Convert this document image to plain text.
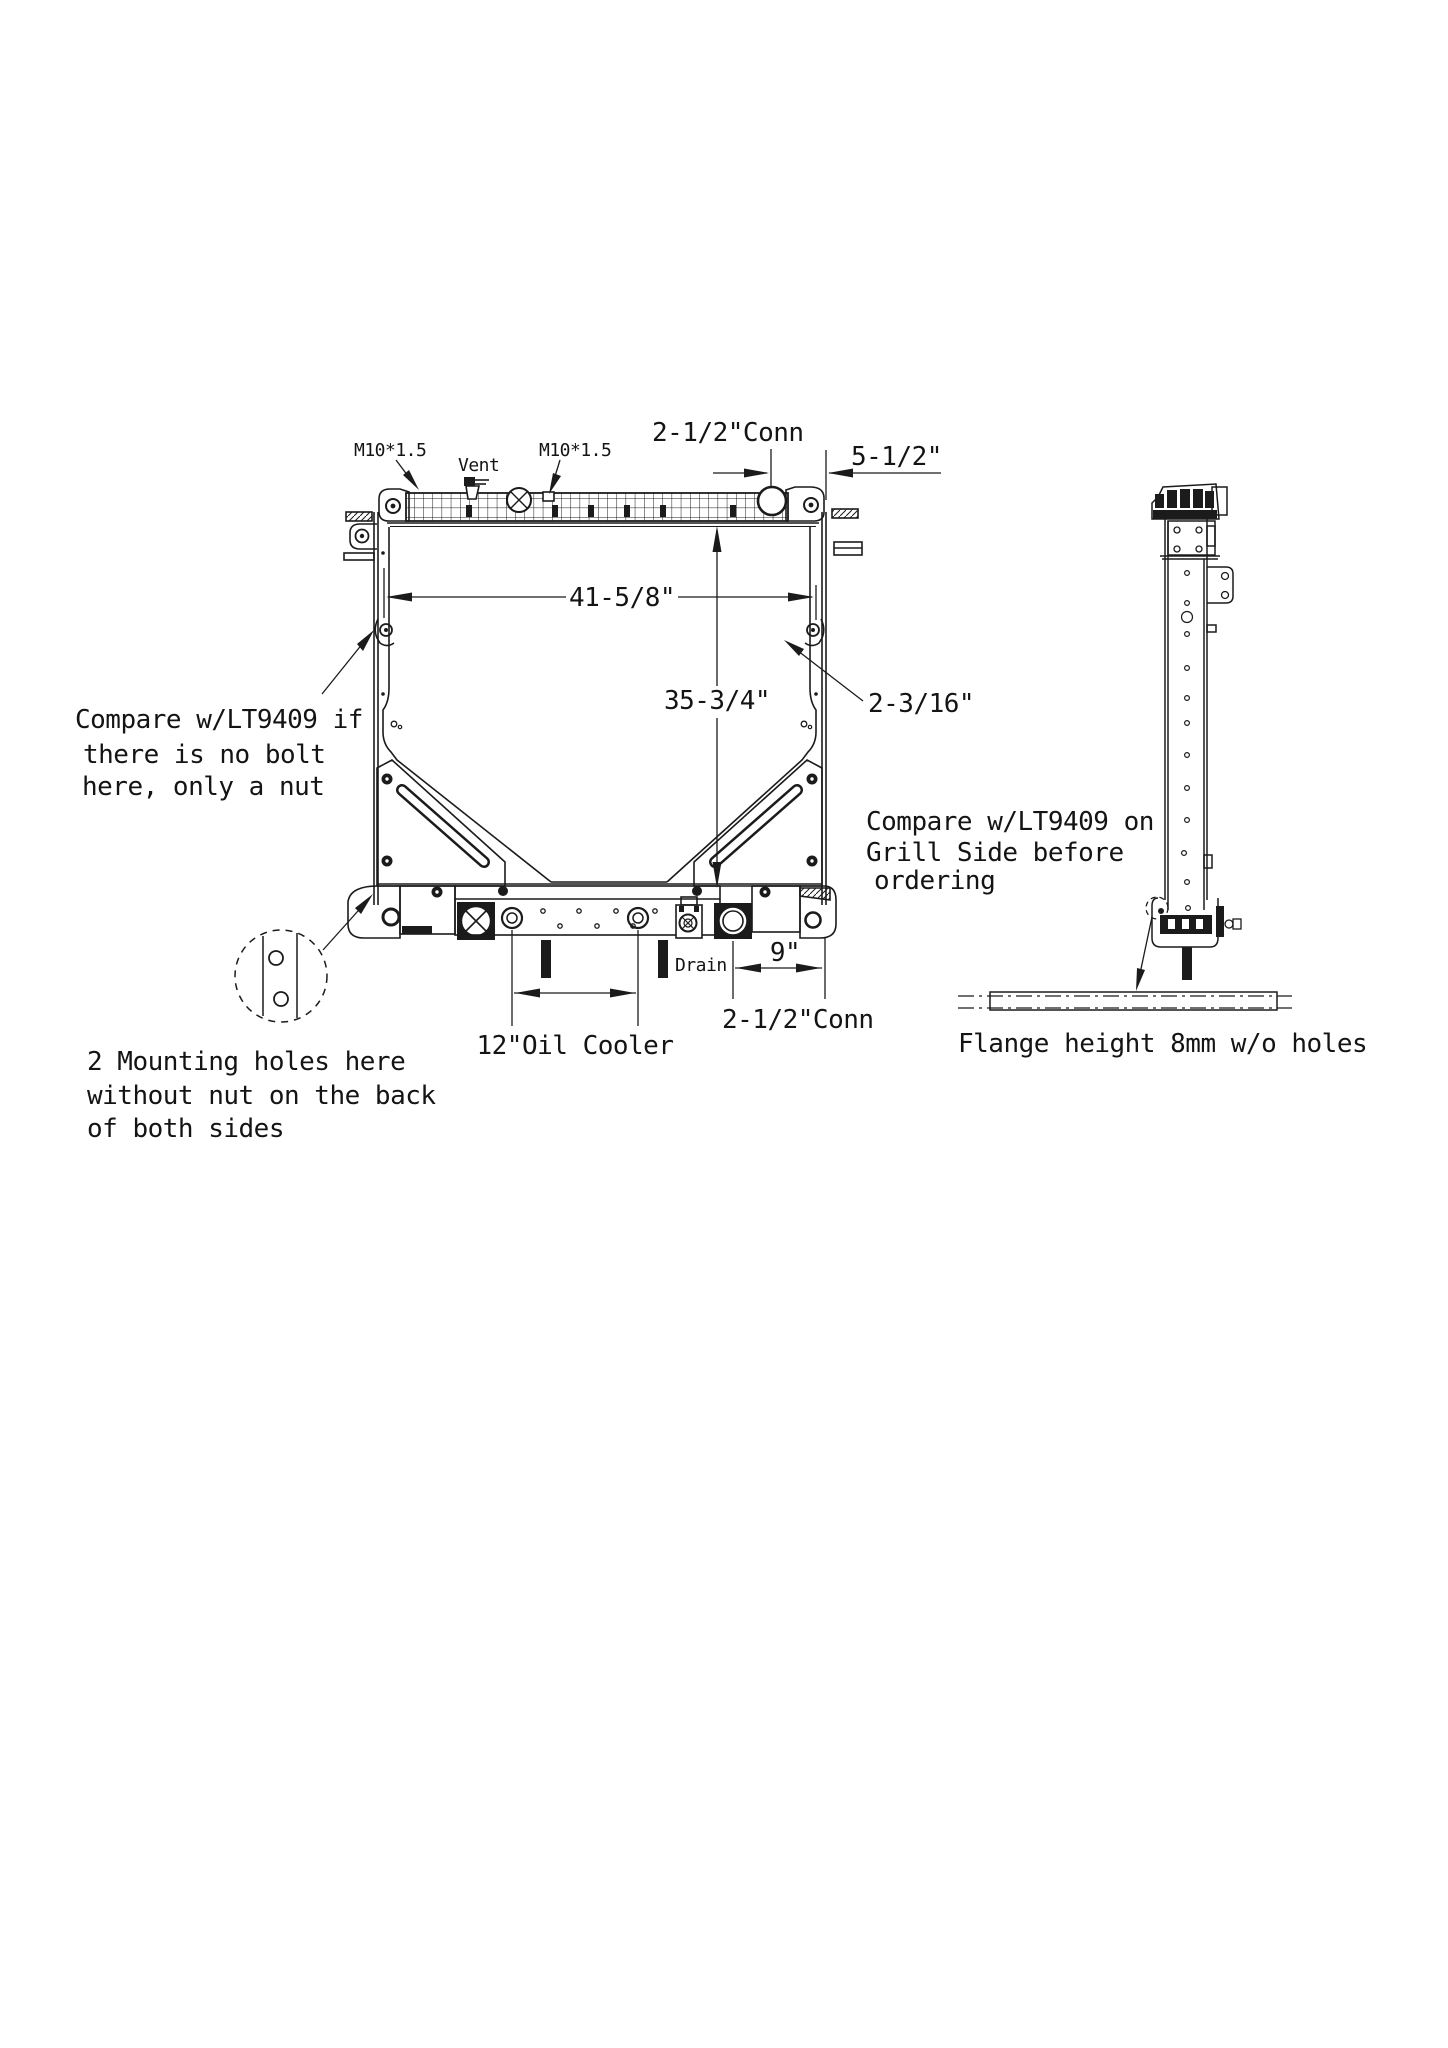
M10*1.5
Vent
M10*1.5
2-1/2"Conn
5-1/2"
41-5/8"
35-3/4"	2-3/16"
Drain 9"
2-1/2"Conn
12"Oil Cooler
Compare w/LT9409 if
there is no bolt
here, only a nut
Compare w/LT9409 on
Grill Side before
ordering
2 Mounting holes here
without nut on the back
of both sides
Flange height 8mm w/o holes
